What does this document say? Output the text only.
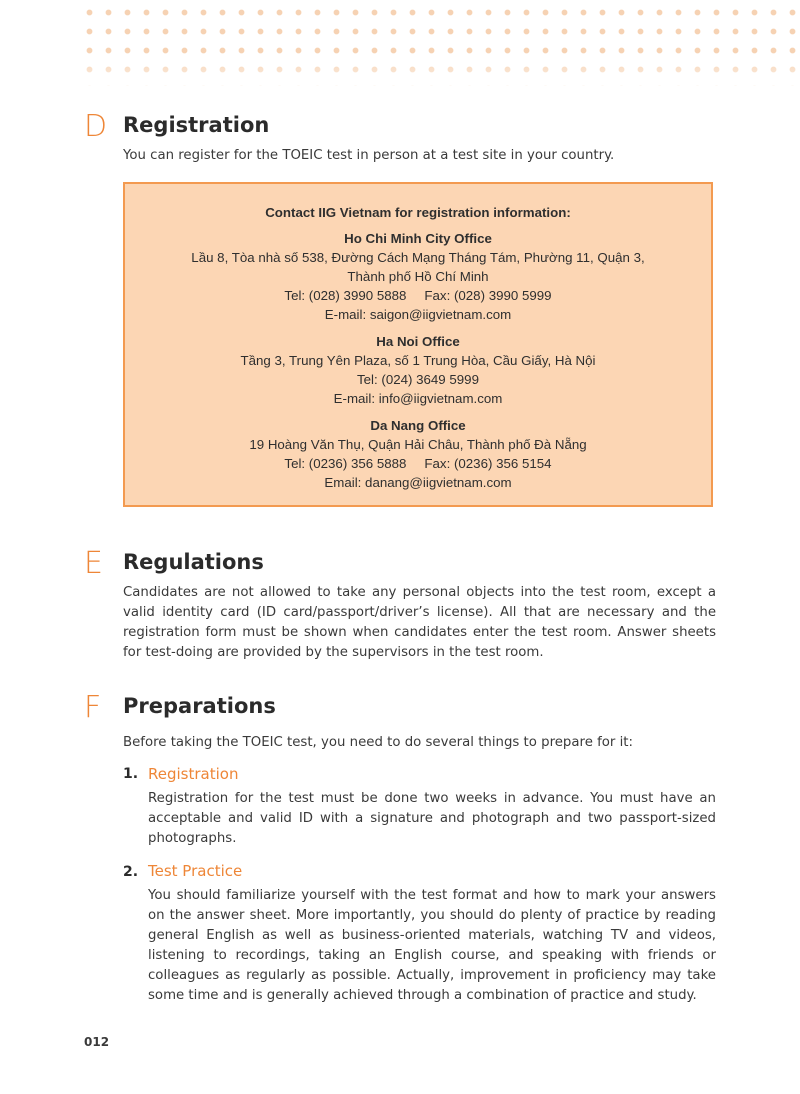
D Registration
You can register for the TOEIC test in person at a test site in your country.
Contact IIG Vietnam for registration information:
Ho Chi Minh City Office
Lầu 8, Tòa nhà số 538, Đường Cách Mạng Tháng Tám, Phường 11, Quận 3,
Thành phố Hồ Chí Minh
Tel: (028) 3990 5888 Fax: (028) 3990 5999
E-mail: saigon@iigvietnam.com
Ha Noi Office
Tầng 3, Trung Yên Plaza, số 1 Trung Hòa, Cầu Giấy, Hà Nội
Tel: (024) 3649 5999
E-mail: info@iigvietnam.com
Da Nang Office
19 Hoàng Văn Thụ, Quận Hải Châu, Thành phố Đà Nẵng
Tel: (0236) 356 5888 Fax: (0236) 356 5154
Email: danang@iigvietnam.com
E Regulations
Candidates are not allowed to take any personal objects into the test room, except a valid identity card (ID card/passport/driver’s license). All that are necessary and the registration form must be shown when candidates enter the test room. Answer sheets for test-doing are provided by the supervisors in the test room.
F Preparations
Before taking the TOEIC test, you need to do several things to prepare for it:
1. Registration
Registration for the test must be done two weeks in advance. You must have an acceptable and valid ID with a signature and photograph and two passport-sized photographs.
2. Test Practice
You should familiarize yourself with the test format and how to mark your answers on the answer sheet. More importantly, you should do plenty of practice by reading general English as well as business-oriented materials, watching TV and videos, listening to recordings, taking an English course, and speaking with friends or colleagues as regularly as possible. Actually, improvement in proficiency may take some time and is generally achieved through a combination of practice and study.
012
